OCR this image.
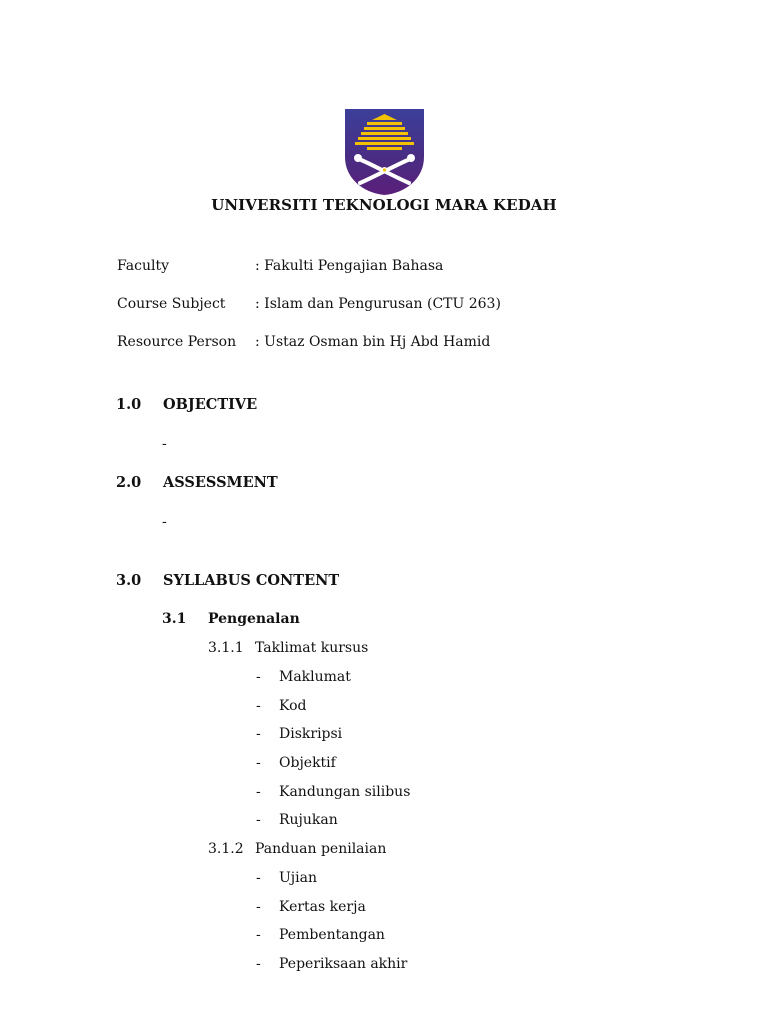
UNIVERSITI TEKNOLOGI MARA KEDAH
Faculty	: Fakulti Pengajian Bahasa
Course Subject : Islam dan Pengurusan (CTU 263)
Resource Person : Ustaz Osman bin Hj Abd Hamid
1.0 OBJECTIVE
-
2.0 ASSESSMENT
-
3.0 SYLLABUS CONTENT
3.1 Pengenalan
3.1.1 Taklimat kursus
- Maklumat
- Kod
- Diskripsi
- Objektif
- Kandungan silibus
- Rujukan
3.1.2 Panduan penilaian
- Ujian
- Kertas kerja
- Pembentangan
- Peperiksaan akhir
